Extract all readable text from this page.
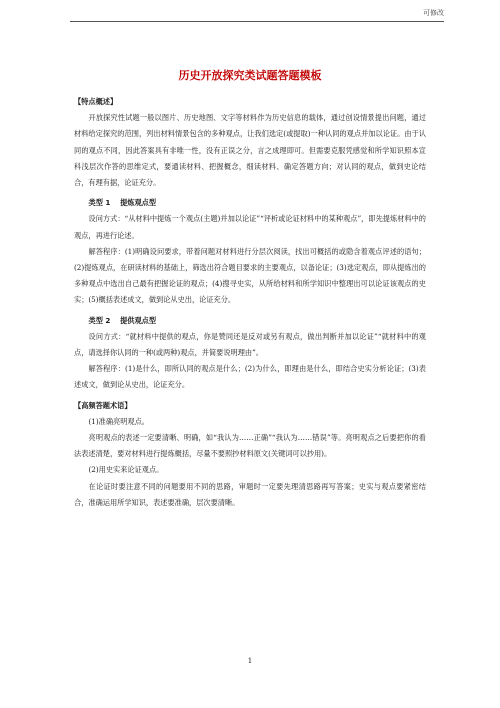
可修改
历史开放探究类试题答题模板

【特点概述】

开放探究性试题一般以图片、历史地图、文字等材料作为历史信息的载体，通过创设情景提出问题，通过材料给定探究的范围，列出材料情景包含的多种观点，让我们选定(或提取)一种认同的观点并加以论证。由于认同的观点不同，因此答案具有非唯一性，没有正误之分，言之成理即可。但需要克服凭感觉和所学知识照本宣科浅层次作答的思维定式，要通读材料、把握概念，细读材料、确定答题方向；对认同的观点，做到史论结合，有理有据，论证充分。

类型 1　 提炼观点型

设问方式：“从材料中提炼一个观点(主题)并加以论证”“评析或论证材料中的某种观点”，即先提炼材料中的观点，再进行论述。

解答程序：(1)明确设问要求，带着问题对材料进行分层次阅读，找出可概括的或隐含着观点评述的语句；(2)提炼观点，在研读材料的基础上，筛选出符合题目要求的主要观点，以备论证；(3)选定观点，即从提炼出的多种观点中选出自己最有把握论证的观点；(4)搜寻史实，从所给材料和所学知识中整理出可以论证该观点的史实；(5)概括表述成文，做到论从史出，论证充分。

类型 2　 提供观点型

设问方式：“就材料中提供的观点，你是赞同还是反对或另有观点，做出判断并加以论证”“就材料中的观点，请选择你认同的一种(或两种)观点，并简要说明理由”。

解答程序：(1)是什么，即所认同的观点是什么；(2)为什么，即理由是什么，即结合史实分析论证；(3)表述成文，做到论从史出，论证充分。

【高频答题术语】

(1)准确亮明观点。

亮明观点的表述一定要清晰、明确，如“我认为……正确”“我认为……错误”等。亮明观点之后要把你的看法表述清楚，要对材料进行提炼概括，尽量不要照抄材料原文(关键词可以抄用)。

(2)用史实来论证观点。

在论证时要注意不同的问题要用不同的思路，审题时一定要先理清思路再写答案；史实与观点要紧密结合，准确运用所学知识，表述要准确，层次要清晰。

1
